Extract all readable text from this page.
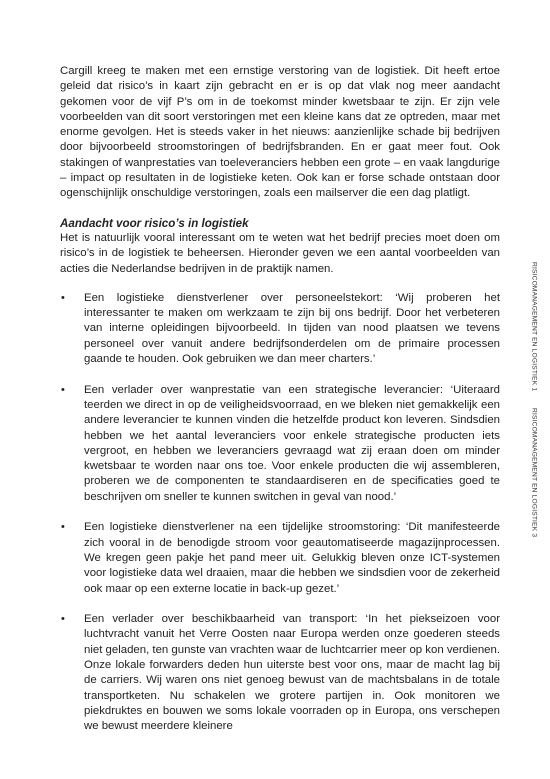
Cargill kreeg te maken met een ernstige verstoring van de logistiek. Dit heeft ertoe geleid dat risico’s in kaart zijn gebracht en er is op dat vlak nog meer aandacht gekomen voor de vijf P’s om in de toekomst minder kwetsbaar te zijn. Er zijn vele voorbeelden van dit soort verstoringen met een kleine kans dat ze optreden, maar met enorme gevolgen. Het is steeds vaker in het nieuws: aanzienlijke schade bij bedrijven door bijvoorbeeld stroomstoringen of bedrijfsbranden. En er gaat meer fout. Ook stakingen of wanprestaties van toeleveranciers hebben een grote – en vaak langdurige – impact op resultaten in de logistieke keten. Ook kan er forse schade ontstaan door ogenschijnlijk onschuldige verstoringen, zoals een mailserver die een dag platligt.

Aandacht voor risico’s in logistiek

Het is natuurlijk vooral interessant om te weten wat het bedrijf precies moet doen om risico’s in de logistiek te beheersen. Hieronder geven we een aantal voorbeelden van acties die Nederlandse bedrijven in de praktijk namen.

• Een logistieke dienstverlener over personeelstekort: ‘Wij proberen het interessanter te maken om werkzaam te zijn bij ons bedrijf. Door het verbeteren van interne opleidingen bijvoorbeeld. In tijden van nood plaatsen we tevens personeel over vanuit andere bedrijfsonderdelen om de primaire processen gaande te houden. Ook gebruiken we dan meer charters.’
• Een verlader over wanprestatie van een strategische leverancier: ‘Uiteraard teerden we direct in op de veiligheidsvoorraad, en we bleken niet gemakkelijk een andere leverancier te kunnen vinden die hetzelfde product kon leveren. Sindsdien hebben we het aantal leveranciers voor enkele strategische producten iets vergroot, en hebben we leveranciers gevraagd wat zij eraan doen om minder kwetsbaar te worden naar ons toe. Voor enkele producten die wij assembleren, proberen we de componenten te standaardiseren en de specificaties goed te beschrijven om sneller te kunnen switchen in geval van nood.’
• Een logistieke dienstverlener na een tijdelijke stroomstoring: ‘Dit manifesteerde zich vooral in de benodigde stroom voor geautomatiseerde magazijnprocessen. We kregen geen pakje het pand meer uit. Gelukkig bleven onze ICT-systemen voor logistieke data wel draaien, maar die hebben we sindsdien voor de zekerheid ook maar op een externe locatie in back-up gezet.’
• Een verlader over beschikbaarheid van transport: ‘In het piekseizoen voor luchtvracht vanuit het Verre Oosten naar Europa werden onze goederen steeds niet geladen, ten gunste van vrachten waar de luchtcarrier meer op kon verdienen. Onze lokale forwarders deden hun uiterste best voor ons, maar de macht lag bij de carriers. Wij waren ons niet genoeg bewust van de machtsbalans in de totale transportketen. Nu schakelen we grotere partijen in. Ook monitoren we piekdruktes en bouwen we soms lokale voorraden op in Europa, ons verschepen we bewust meerdere kleinere
RISICOMANAGEMENT EN LOGISTIEK 1
RISICOMANAGEMENT EN LOGISTIEK 3
